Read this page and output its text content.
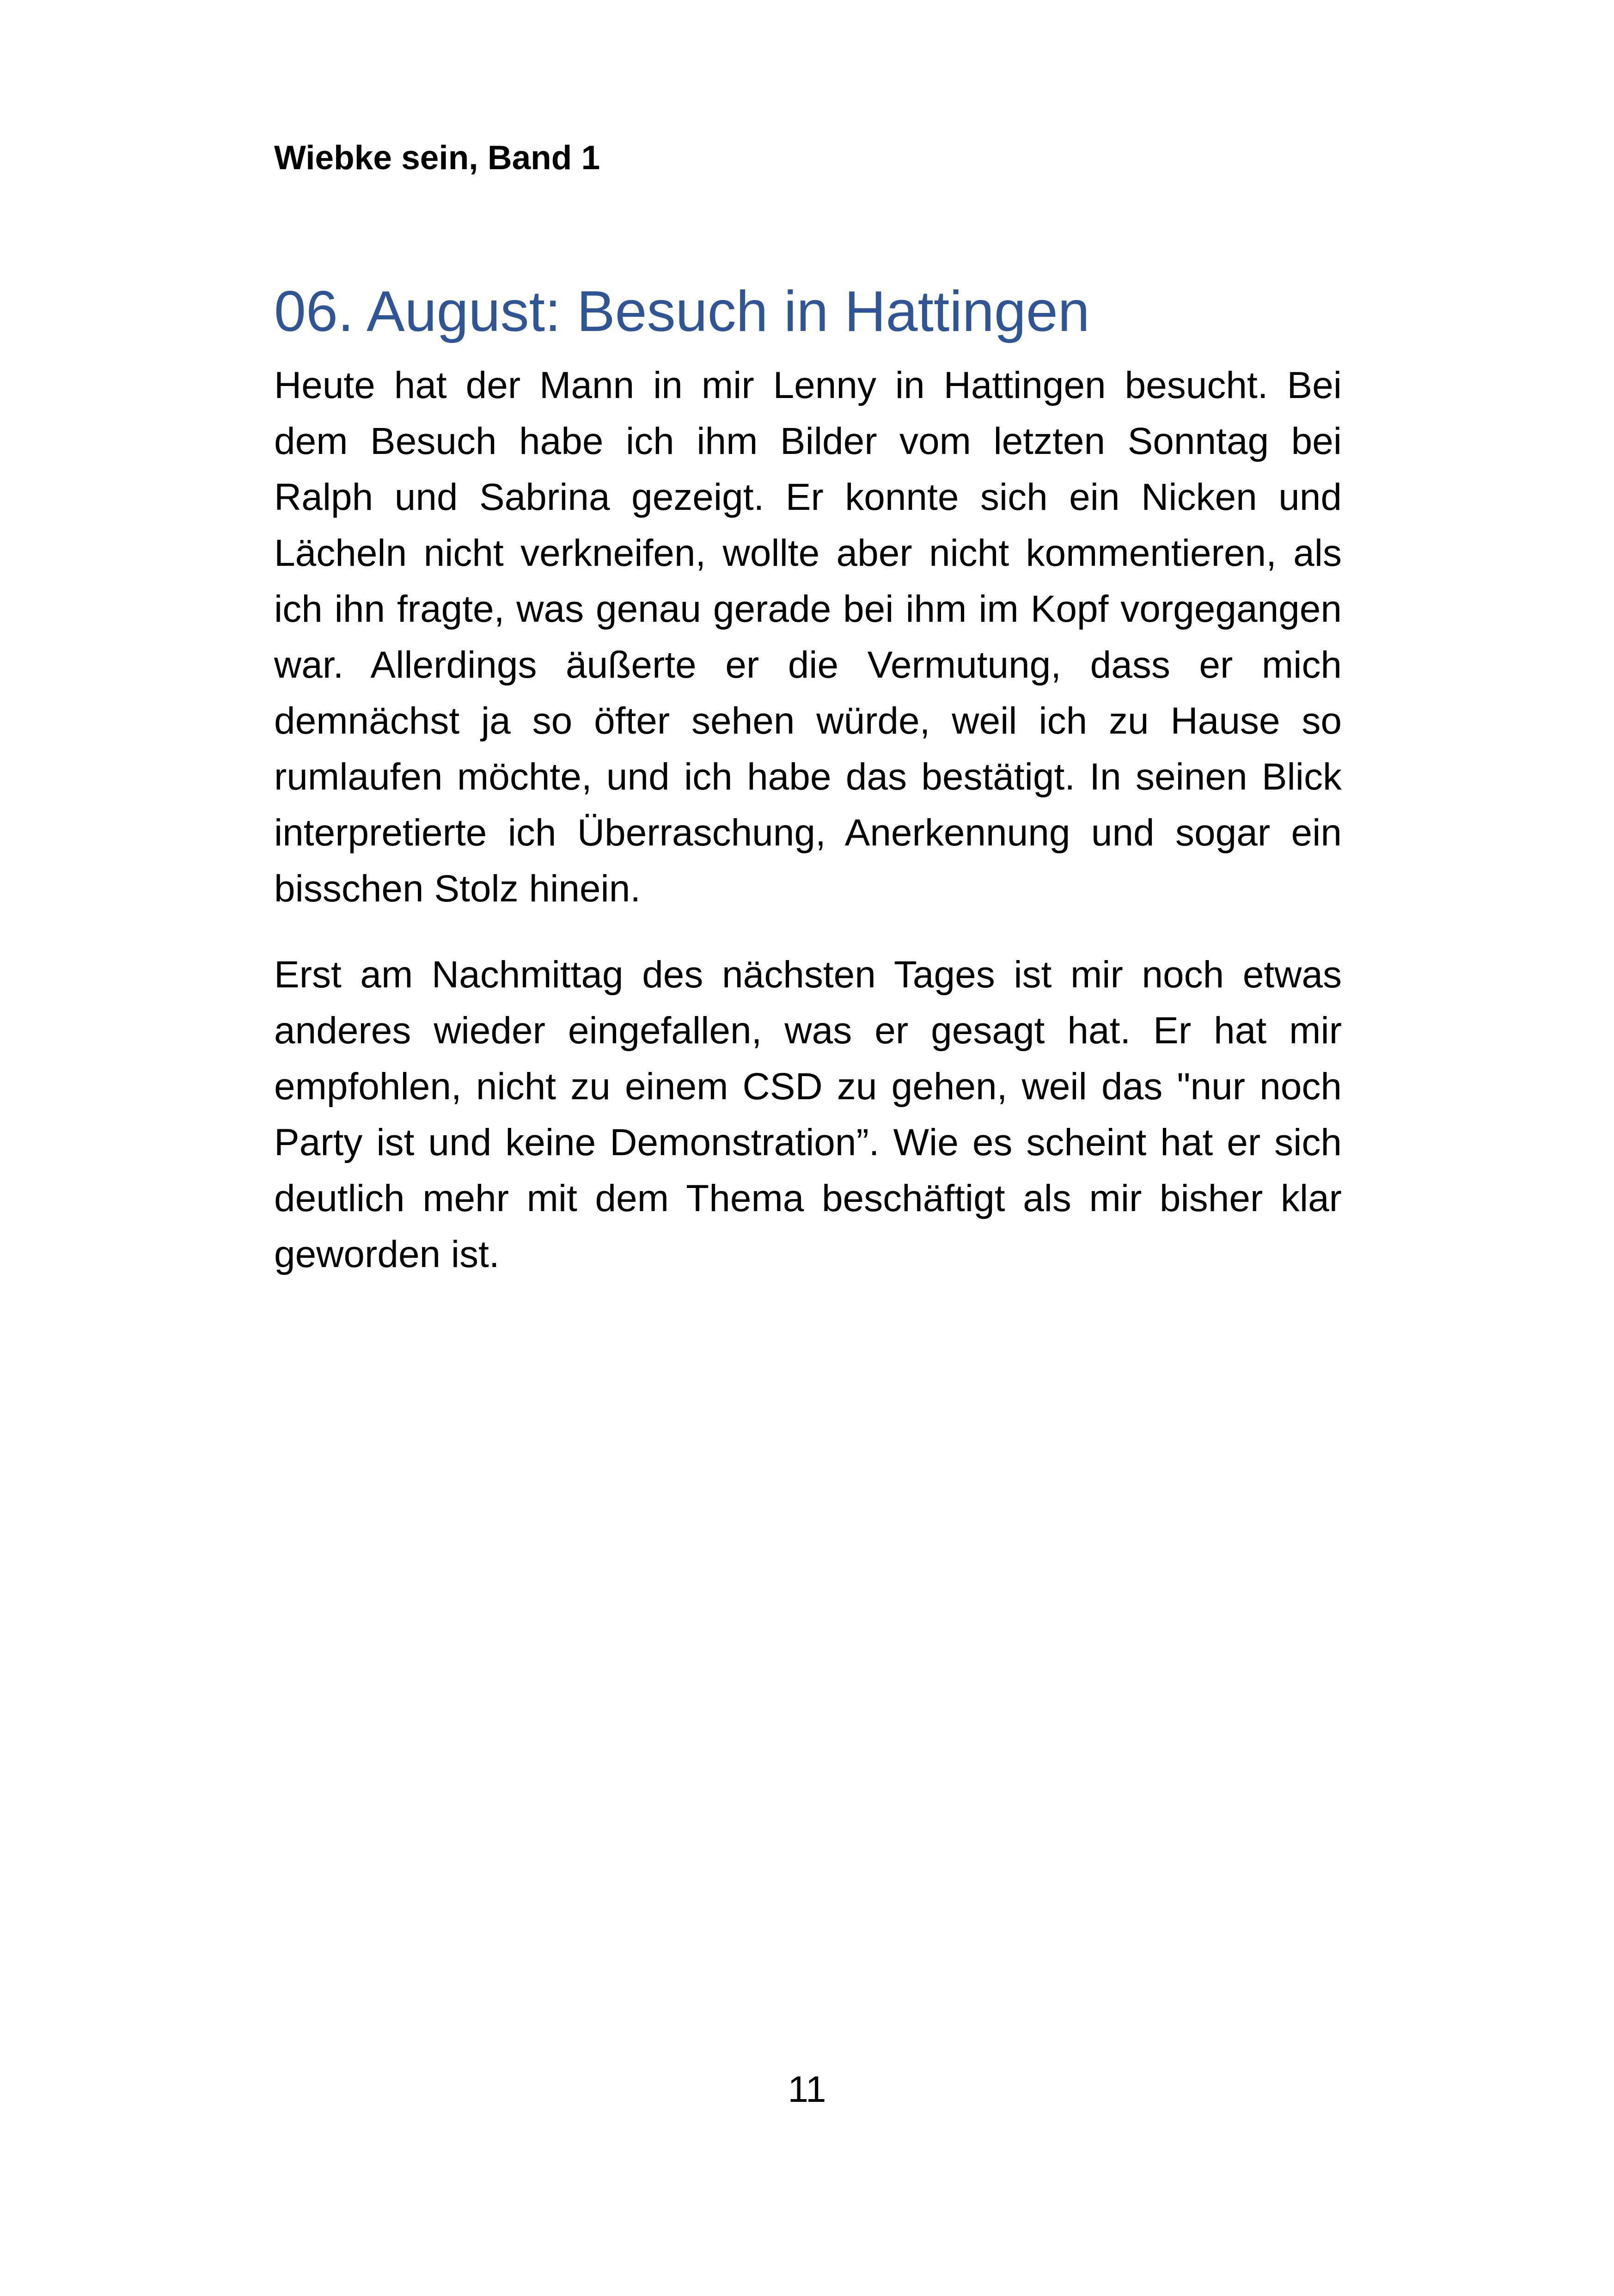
Wiebke sein, Band 1

06. August: Besuch in Hattingen

Heute hat der Mann in mir Lenny in Hattingen besucht. Bei dem Besuch habe ich ihm Bilder vom letzten Sonntag bei Ralph und Sabrina gezeigt. Er konnte sich ein Nicken und Lächeln nicht verkneifen, wollte aber nicht kommentieren, als ich ihn fragte, was genau gerade bei ihm im Kopf vorgegangen war. Allerdings äußerte er die Vermutung, dass er mich demnächst ja so öfter sehen würde, weil ich zu Hause so rumlaufen möchte, und ich habe das bestätigt. In seinen Blick interpretierte ich Überraschung, Anerkennung und sogar ein bisschen Stolz hinein.

Erst am Nachmittag des nächsten Tages ist mir noch etwas anderes wieder eingefallen, was er gesagt hat. Er hat mir empfohlen, nicht zu einem CSD zu gehen, weil das "nur noch Party ist und keine Demonstration”. Wie es scheint hat er sich deutlich mehr mit dem Thema beschäftigt als mir bisher klar geworden ist.

11
